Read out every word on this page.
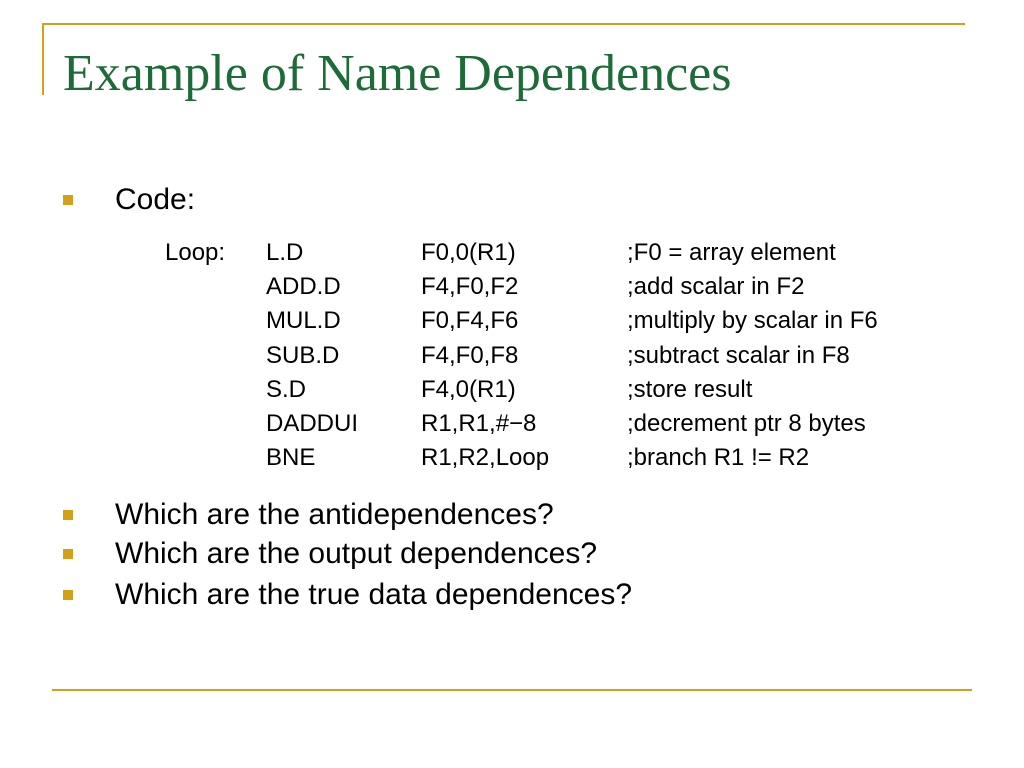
Example of Name Dependences
Code:
Loop:	L.D	F0,0(R1)	;F0 = array element
	ADD.D	F4,F0,F2	;add scalar in F2
	MUL.D	F0,F4,F6	;multiply by scalar in F6
	SUB.D	F4,F0,F8	;subtract scalar in F8
	S.D	F4,0(R1)	;store result
	DADDUI	R1,R1,#−8	;decrement ptr 8 bytes
	BNE	R1,R2,Loop	;branch R1 != R2
Which are the antidependences?
Which are the output dependences?
Which are the true data dependences?
